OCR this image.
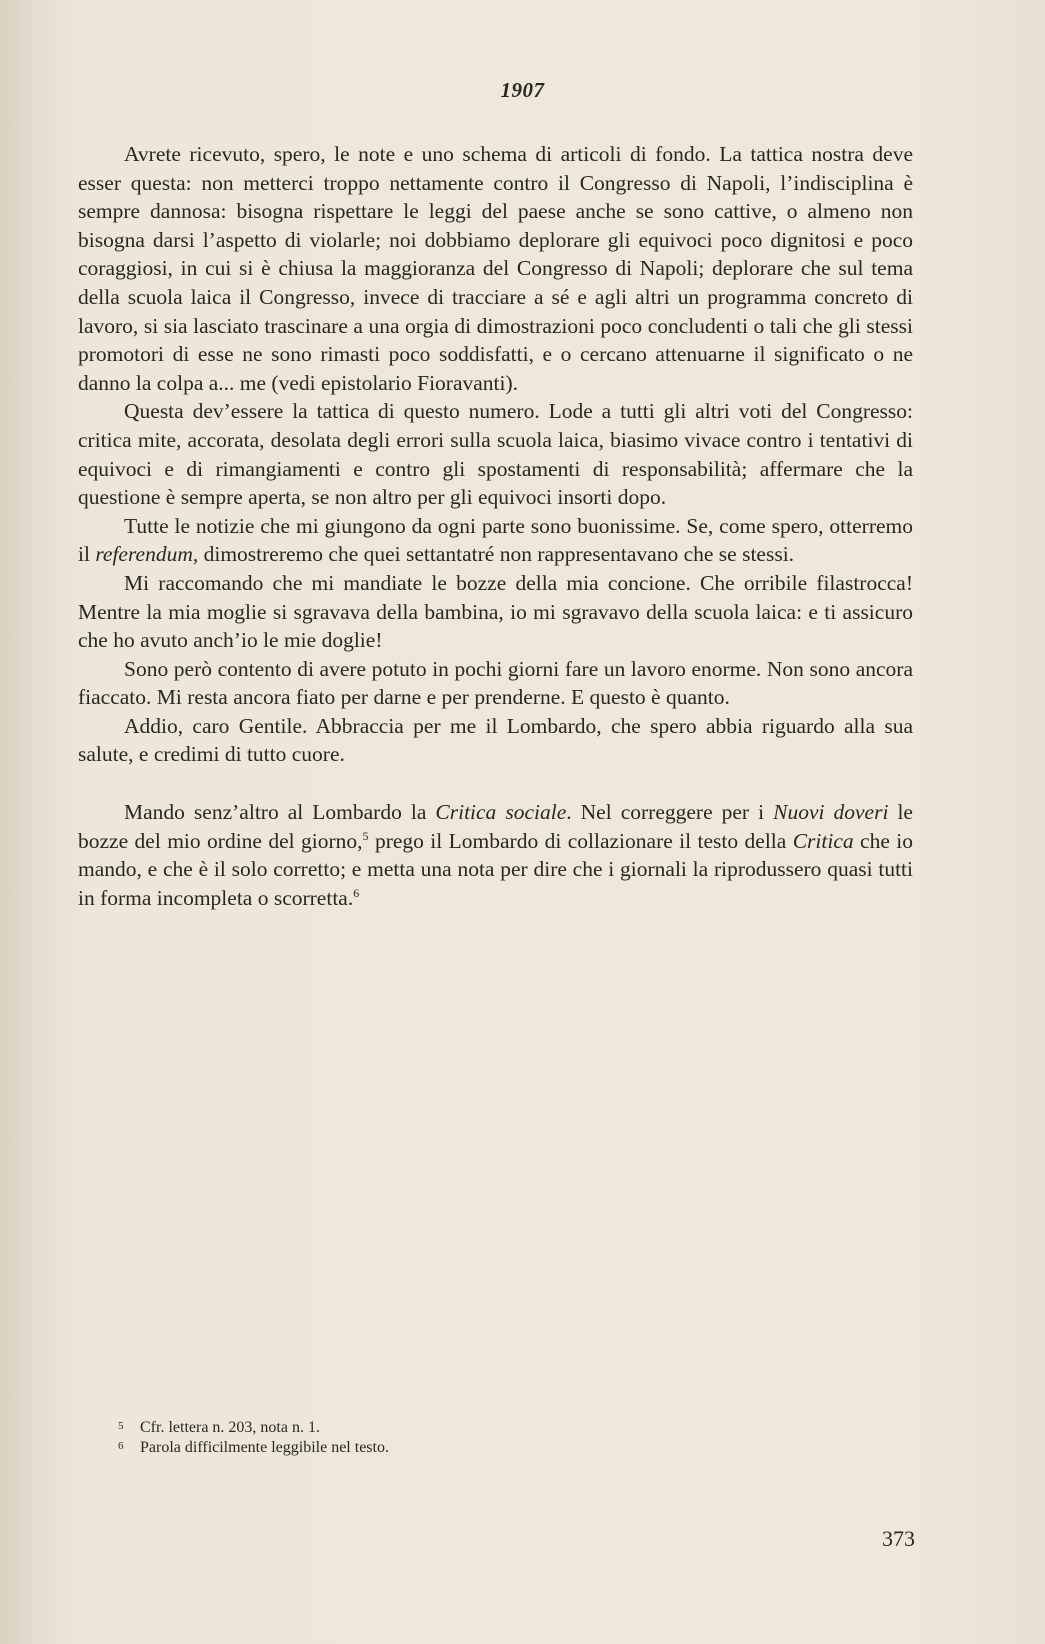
1907

Avrete ricevuto, spero, le note e uno schema di articoli di fondo. La tattica nostra deve esser questa: non metterci troppo nettamente contro il Congresso di Napoli, l’indisciplina è sempre dannosa: bisogna rispettare le leggi del paese anche se sono cattive, o almeno non bisogna darsi l’aspetto di violarle; noi dobbiamo deplorare gli equivoci poco dignitosi e poco coraggiosi, in cui si è chiusa la maggioranza del Congresso di Napoli; deplorare che sul tema della scuola laica il Congresso, invece di tracciare a sé e agli altri un programma concreto di lavoro, si sia lasciato trascinare a una orgia di dimostrazioni poco concludenti o tali che gli stessi promotori di esse ne sono rimasti poco soddisfatti, e o cercano attenuarne il significato o ne danno la colpa a... me (vedi epistolario Fioravanti).

Questa dev’essere la tattica di questo numero. Lode a tutti gli altri voti del Congresso: critica mite, accorata, desolata degli errori sulla scuola laica, biasimo vivace contro i tentativi di equivoci e di rimangiamenti e contro gli spostamenti di responsabilità; affermare che la questione è sempre aperta, se non altro per gli equivoci insorti dopo.

Tutte le notizie che mi giungono da ogni parte sono buonissime. Se, come spero, otterremo il referendum, dimostreremo che quei settantatré non rappresentavano che se stessi.

Mi raccomando che mi mandiate le bozze della mia concione. Che orribile filastrocca! Mentre la mia moglie si sgravava della bambina, io mi sgravavo della scuola laica: e ti assicuro che ho avuto anch’io le mie doglie!

Sono però contento di avere potuto in pochi giorni fare un lavoro enorme. Non sono ancora fiaccato. Mi resta ancora fiato per darne e per prenderne. E questo è quanto.

Addio, caro Gentile. Abbraccia per me il Lombardo, che spero abbia riguardo alla sua salute, e credimi di tutto cuore.

Mando senz’altro al Lombardo la Critica sociale. Nel correggere per i Nuovi doveri le bozze del mio ordine del giorno,$^5$ prego il Lombardo di collazionare il testo della Critica che io mando, e che è il solo corretto; e metta una nota per dire che i giornali la riprodussero quasi tutti in forma incompleta o scorretta.$^6$

$^5$ Cfr. lettera n. 203, nota n. 1.
$^6$ Parola difficilmente leggibile nel testo.
373
